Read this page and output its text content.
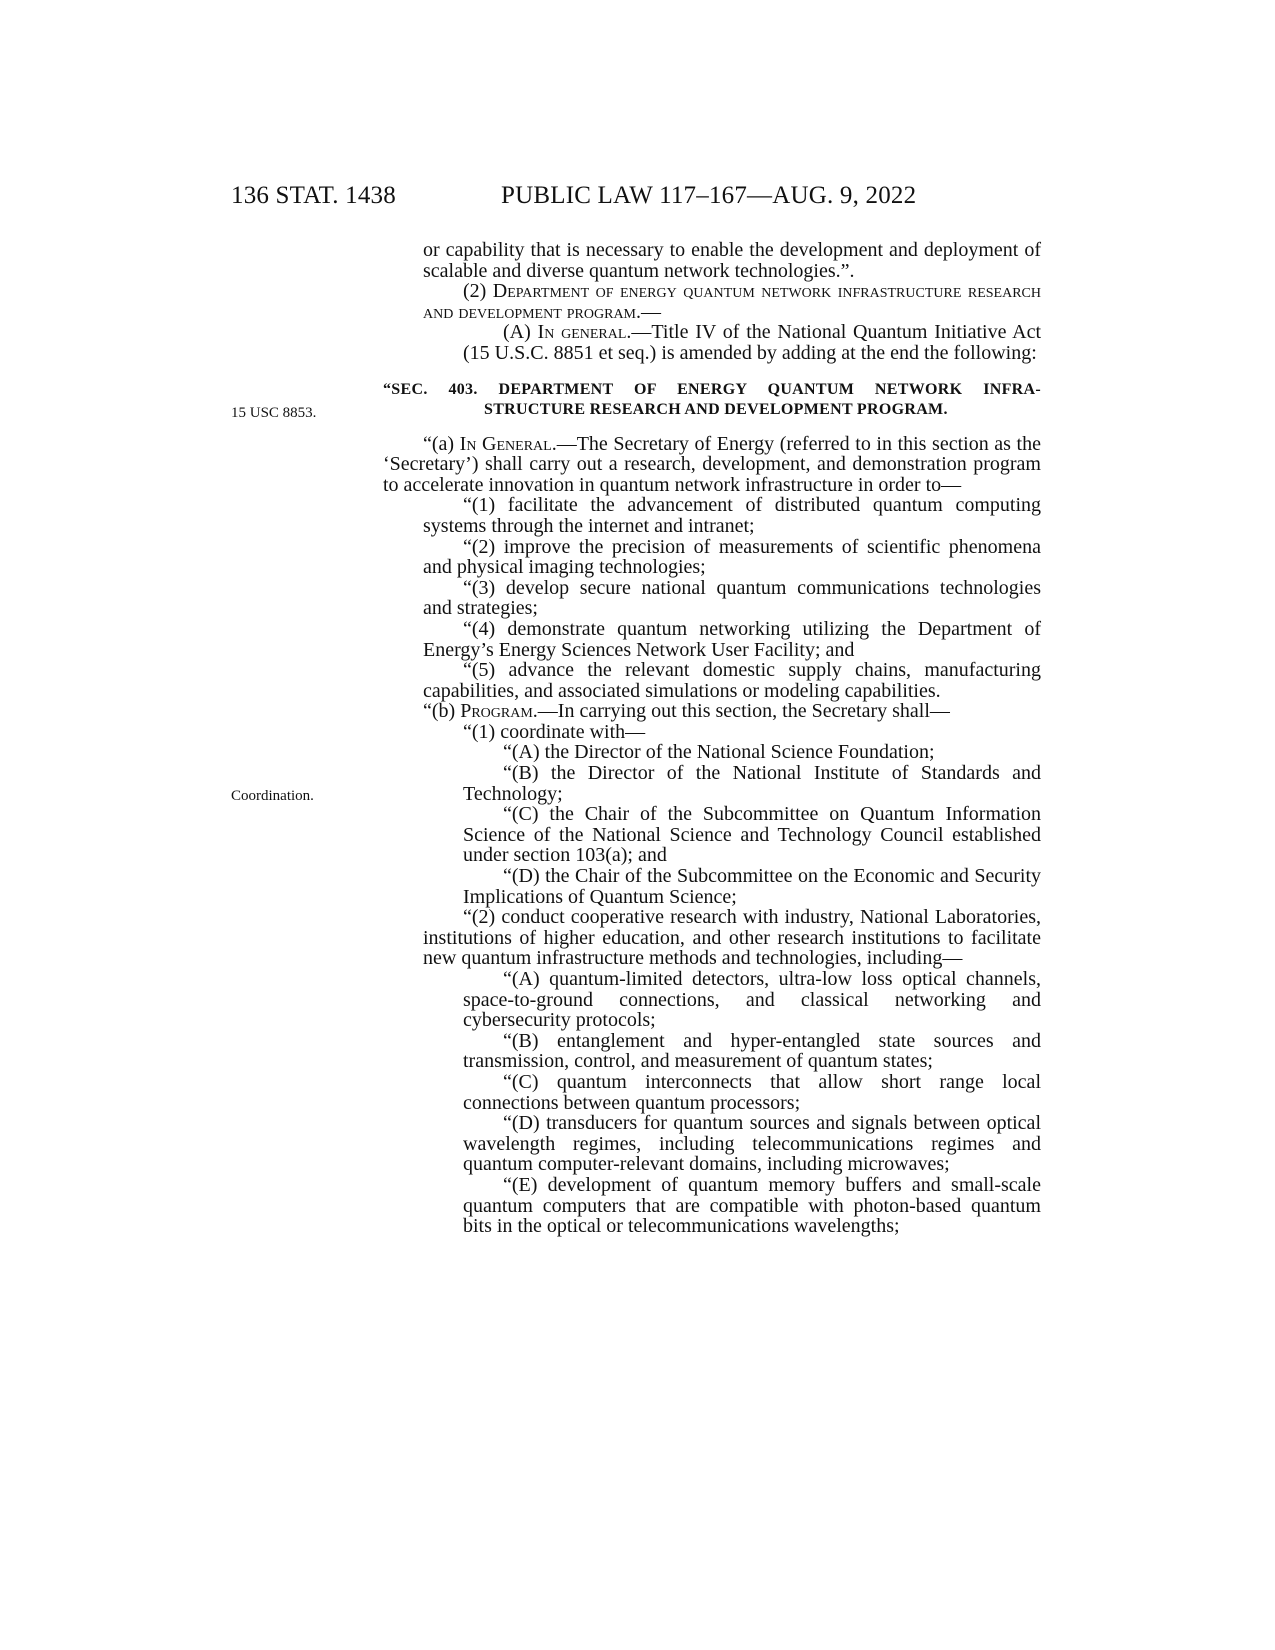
136 STAT. 1438	PUBLIC LAW 117–167—AUG. 9, 2022
15 USC 8853.
Coordination.

or capability that is necessary to enable the development and deployment of scalable and diverse quantum network technologies.”.

(2) Department of energy quantum network infrastructure research and development program.—

(A) In general.—Title IV of the National Quantum Initiative Act (15 U.S.C. 8851 et seq.) is amended by adding at the end the following:

“SEC. 403. DEPARTMENT OF ENERGY QUANTUM NETWORK INFRA-
STRUCTURE RESEARCH AND DEVELOPMENT PROGRAM.

“(a) In General.—The Secretary of Energy (referred to in this section as the ‘Secretary’) shall carry out a research, development, and demonstration program to accelerate innovation in quantum network infrastructure in order to—

“(1) facilitate the advancement of distributed quantum computing systems through the internet and intranet;

“(2) improve the precision of measurements of scientific phenomena and physical imaging technologies;

“(3) develop secure national quantum communications technologies and strategies;

“(4) demonstrate quantum networking utilizing the Department of Energy’s Energy Sciences Network User Facility; and

“(5) advance the relevant domestic supply chains, manufacturing capabilities, and associated simulations or modeling capabilities.

“(b) Program.—In carrying out this section, the Secretary shall—

“(1) coordinate with—

“(A) the Director of the National Science Foundation;

“(B) the Director of the National Institute of Standards and Technology;

“(C) the Chair of the Subcommittee on Quantum Information Science of the National Science and Technology Council established under section 103(a); and

“(D) the Chair of the Subcommittee on the Economic and Security Implications of Quantum Science;

“(2) conduct cooperative research with industry, National Laboratories, institutions of higher education, and other research institutions to facilitate new quantum infrastructure methods and technologies, including—

“(A) quantum-limited detectors, ultra-low loss optical channels, space-to-ground connections, and classical networking and cybersecurity protocols;

“(B) entanglement and hyper-entangled state sources and transmission, control, and measurement of quantum states;

“(C) quantum interconnects that allow short range local connections between quantum processors;

“(D) transducers for quantum sources and signals between optical wavelength regimes, including telecommunications regimes and quantum computer-relevant domains, including microwaves;

“(E) development of quantum memory buffers and small-scale quantum computers that are compatible with photon-based quantum bits in the optical or telecommunications wavelengths;
